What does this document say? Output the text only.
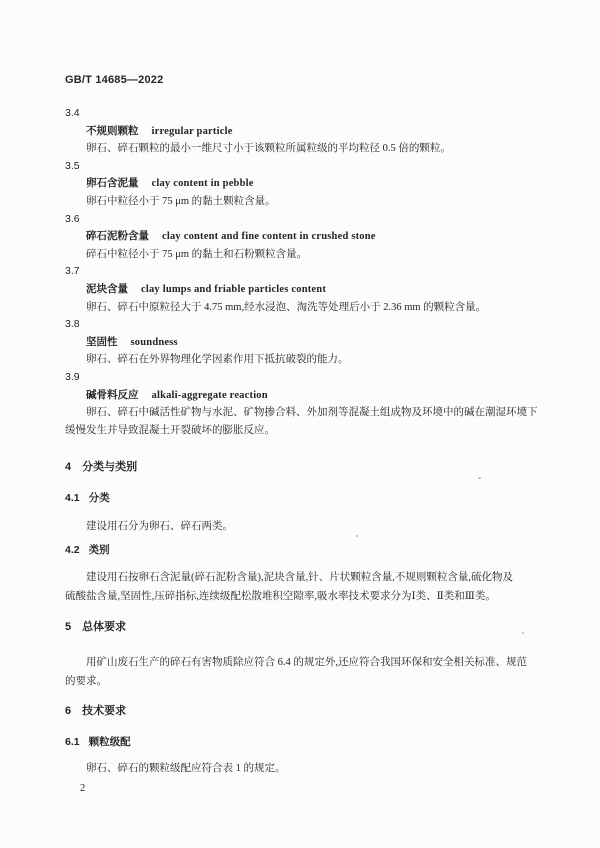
GB/T 14685—2022
3.4
不规则颗粒 irregular particle
卵石、碎石颗粒的最小一维尺寸小于该颗粒所属粒级的平均粒径 0.5 倍的颗粒。
3.5
卵石含泥量 clay content in pebble
卵石中粒径小于 75 μm 的黏土颗粒含量。
3.6
碎石泥粉含量 clay content and fine content in crushed stone
碎石中粒径小于 75 μm 的黏土和石粉颗粒含量。
3.7
泥块含量 clay lumps and friable particles content
卵石、碎石中原粒径大于 4.75 mm,经水浸泡、淘洗等处理后小于 2.36 mm 的颗粒含量。
3.8
坚固性 soundness
卵石、碎石在外界物理化学因素作用下抵抗破裂的能力。
3.9
碱骨料反应 alkali-aggregate reaction
卵石、碎石中碱活性矿物与水泥、矿物掺合料、外加剂等混凝土组成物及环境中的碱在潮湿环境下
缓慢发生并导致混凝土开裂破坏的膨胀反应。
4 分类与类别
4.1 分类
建设用石分为卵石、碎石两类。
4.2 类别
建设用石按卵石含泥量(碎石泥粉含量),泥块含量,针、片状颗粒含量,不规则颗粒含量,硫化物及
硫酸盐含量,坚固性,压碎指标,连续级配松散堆积空隙率,吸水率技术要求分为Ⅰ类、Ⅱ类和Ⅲ类。
5 总体要求
用矿山废石生产的碎石有害物质除应符合 6.4 的规定外,还应符合我国环保和安全相关标准、规范
的要求。
6 技术要求
6.1 颗粒级配
卵石、碎石的颗粒级配应符合表 1 的规定。
2
